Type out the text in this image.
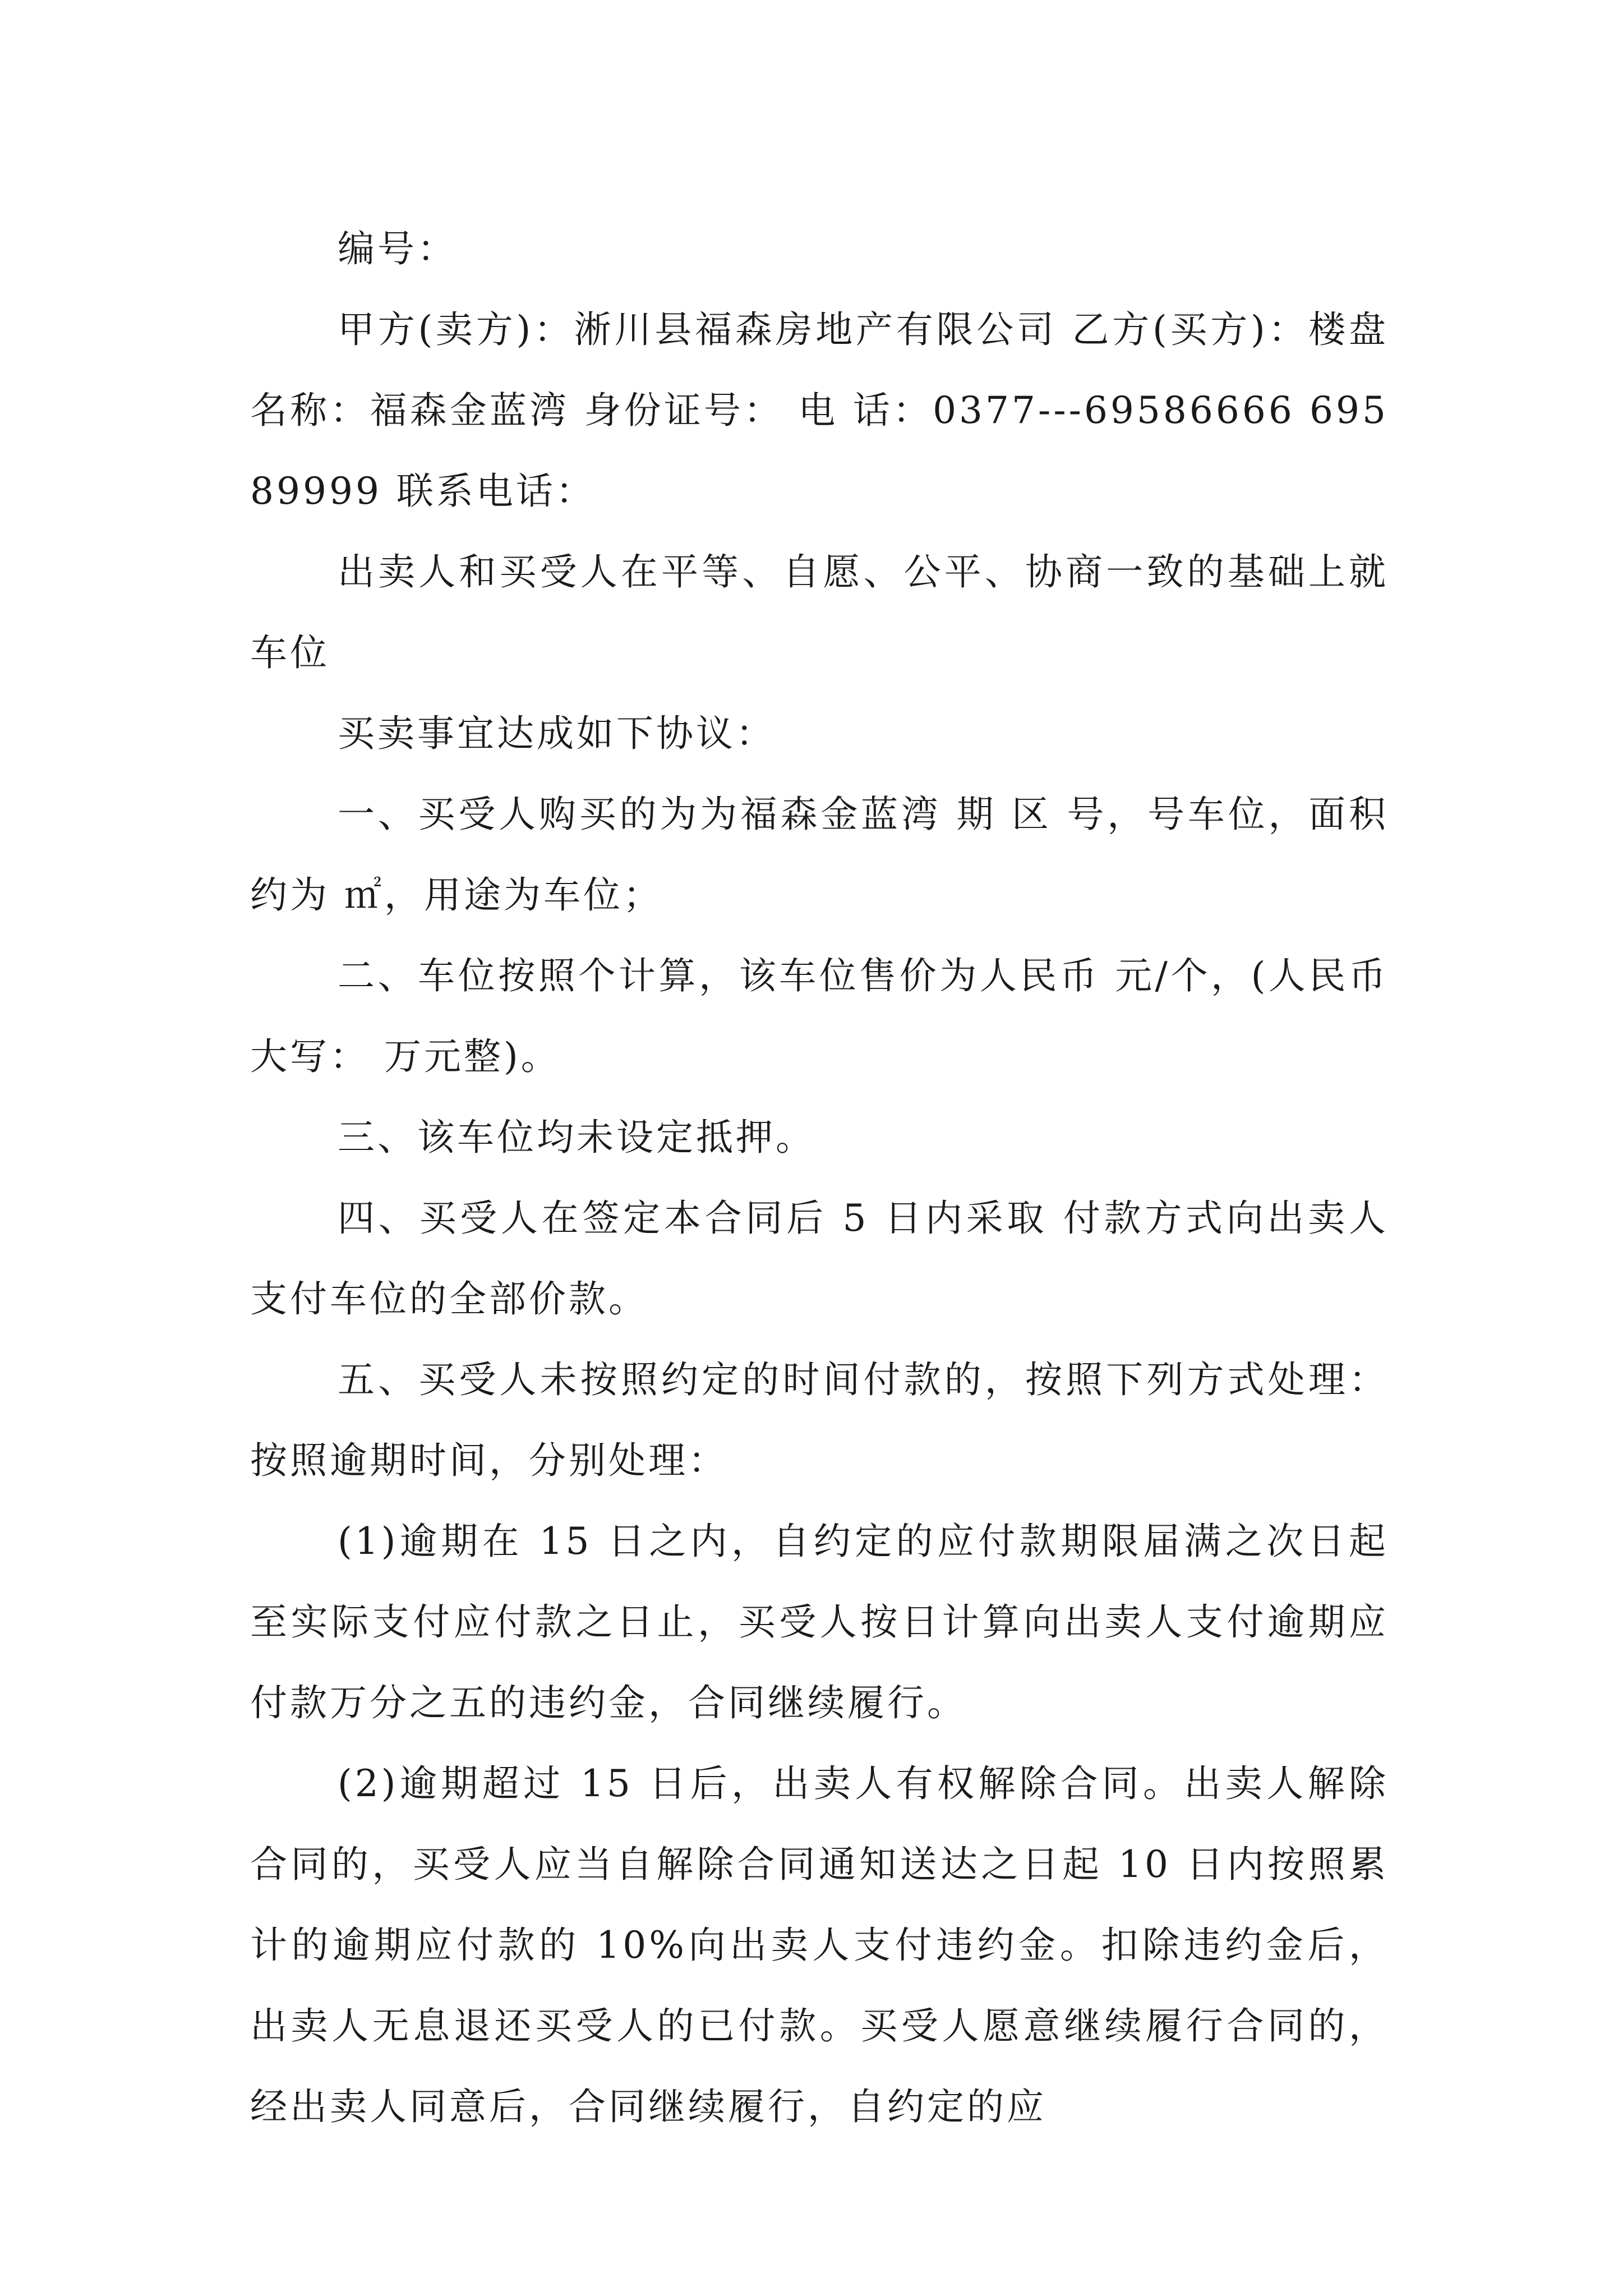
编号：

甲方(卖方)：淅川县福森房地产有限公司 乙方(买方)：楼盘名称：福森金蓝湾 身份证号： 电 话：0377---69586666 69589999 联系电话：

出卖人和买受人在平等、自愿、公平、协商一致的基础上就车位

买卖事宜达成如下协议：

一、买受人购买的为为福森金蓝湾 期 区 号，号车位，面积约为 ㎡，用途为车位；

二、车位按照个计算，该车位售价为人民币 元/个，(人民币大写： 万元整)。

三、该车位均未设定抵押。

四、买受人在签定本合同后 5 日内采取 付款方式向出卖人支付车位的全部价款。

五、买受人未按照约定的时间付款的，按照下列方式处理：按照逾期时间，分别处理：

(1)逾期在 15 日之内，自约定的应付款期限届满之次日起至实际支付应付款之日止，买受人按日计算向出卖人支付逾期应付款万分之五的违约金，合同继续履行。

(2)逾期超过 15 日后，出卖人有权解除合同。出卖人解除合同的，买受人应当自解除合同通知送达之日起 10 日内按照累计的逾期应付款的 10%向出卖人支付违约金。扣除违约金后，出卖人无息退还买受人的已付款。买受人愿意继续履行合同的，经出卖人同意后，合同继续履行，自约定的应
